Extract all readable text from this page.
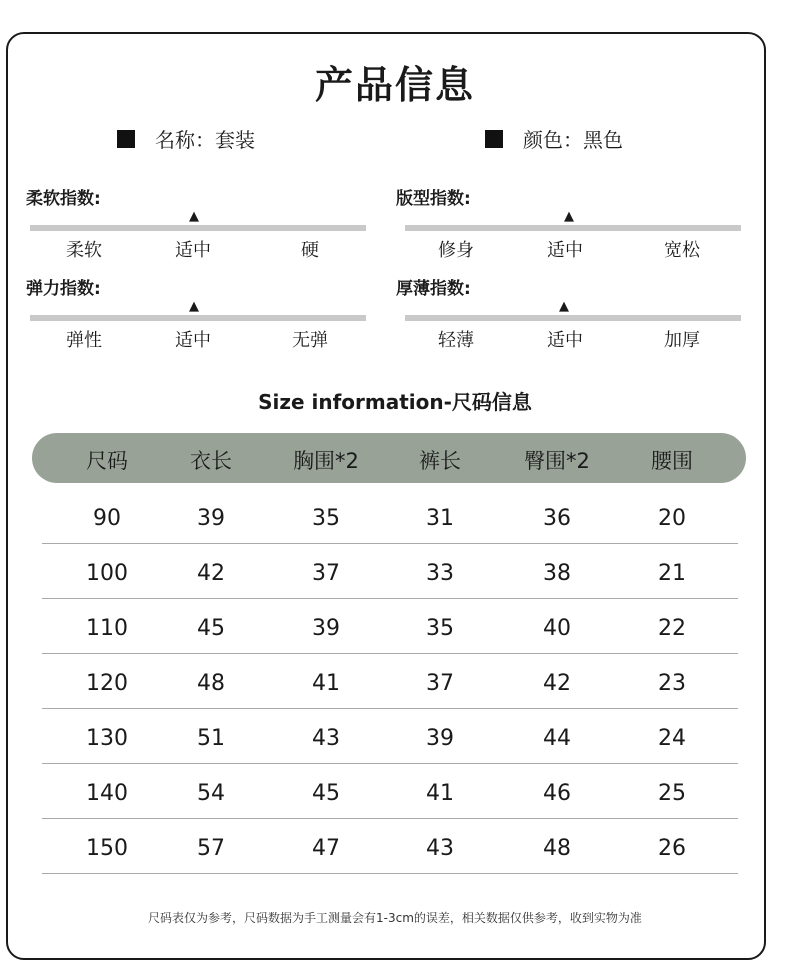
产品信息
名称：套装	颜色：黑色
柔软指数:
▲
柔软	适中	硬
版型指数:
▲
修身	适中	宽松
弹力指数:
▲
弹性	适中	无弹
厚薄指数:
▲
轻薄	适中	加厚
Size information-尺码信息
尺码	衣长	胸围*2	裤长	臀围*2	腰围
90	39	35	31	36	20
100	42	37	33	38	21
110	45	39	35	40	22
120	48	41	37	42	23
130	51	43	39	44	24
140	54	45	41	46	25
150	57	47	43	48	26
尺码表仅为参考，尺码数据为手工测量会有1-3cm的误差，相关数据仅供参考，收到实物为准
